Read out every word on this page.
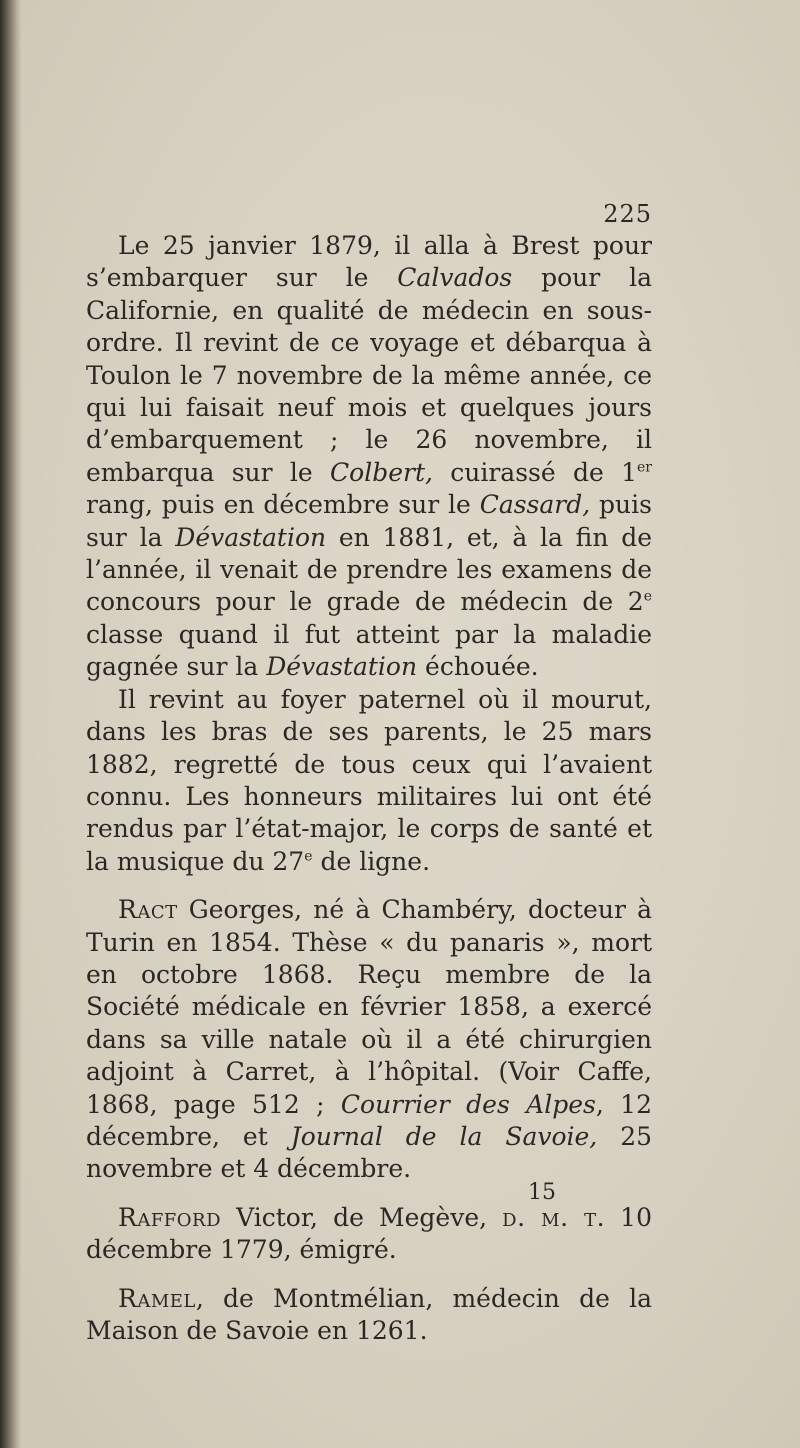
225

Le 25 janvier 1879, il alla à Brest pour s’embarquer sur le Calvados pour la Californie, en qualité de médecin en sous-ordre. Il revint de ce voyage et débarqua à Toulon le 7 novembre de la même année, ce qui lui faisait neuf mois et quelques jours d’embarquement ; le 26 novembre, il embarqua sur le Colbert, cuirassé de 1er rang, puis en décembre sur le Cassard, puis sur la Dévastation en 1881, et, à la fin de l’année, il venait de prendre les examens de concours pour le grade de médecin de 2e classe quand il fut atteint par la maladie gagnée sur la Dévastation échouée.

Il revint au foyer paternel où il mourut, dans les bras de ses parents, le 25 mars 1882, regretté de tous ceux qui l’avaient connu. Les honneurs militaires lui ont été rendus par l’état-major, le corps de santé et la musique du 27e de ligne.

Ract Georges, né à Chambéry, docteur à Turin en 1854. Thèse « du panaris », mort en octobre 1868. Reçu membre de la Société médicale en février 1858, a exercé dans sa ville natale où il a été chirurgien adjoint à Carret, à l’hôpital. (Voir Caffe, 1868, page 512 ; Courrier des Alpes, 12 décembre, et Journal de la Savoie, 25 novembre et 4 décembre.

Rafford Victor, de Megève, d. m. t. 10 décembre 1779, émigré.

Ramel, de Montmélian, médecin de la Maison de Savoie en 1261.

15
